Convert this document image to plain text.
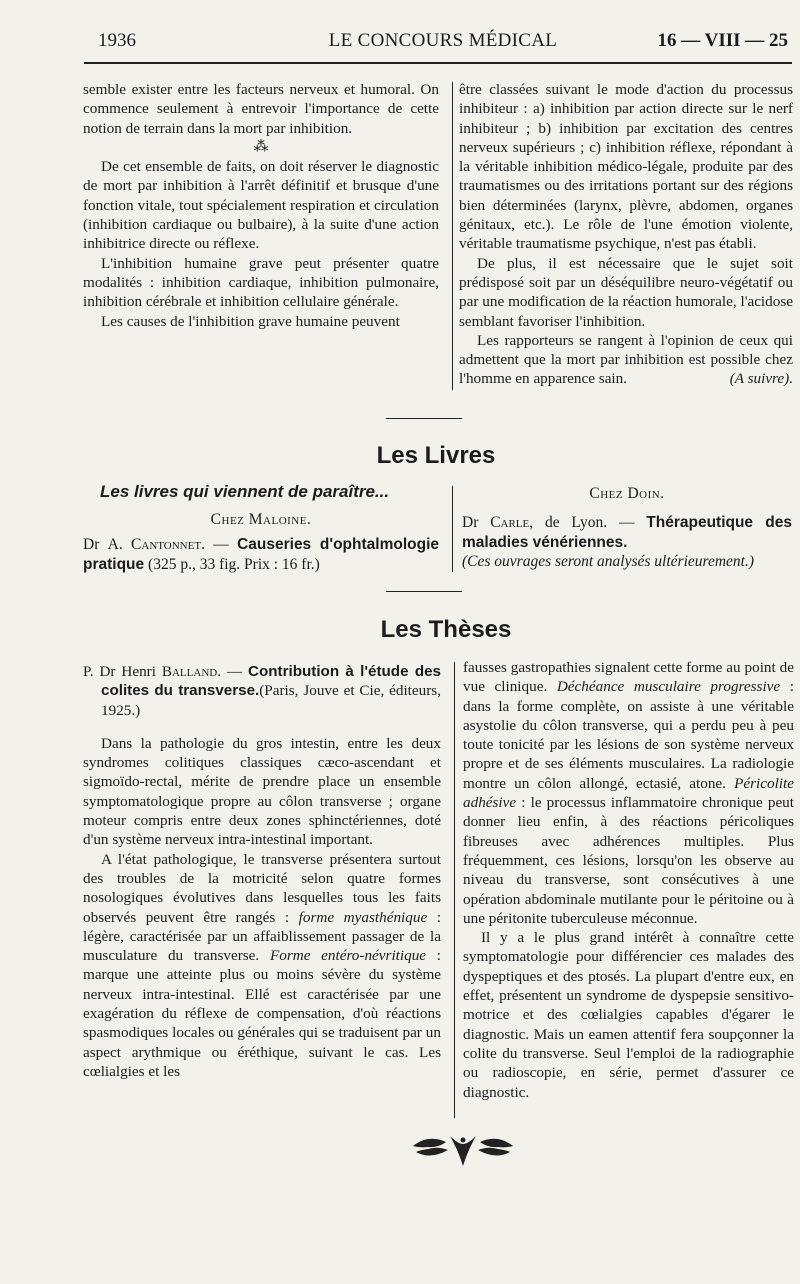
1936	LE CONCOURS MÉDICAL	16 — VIII — 25

semble exister entre les facteurs nerveux et humoral. On commence seulement à entrevoir l'importance de cette notion de terrain dans la mort par inhibition.

⁂

De cet ensemble de faits, on doit réserver le diagnostic de mort par inhibition à l'arrêt définitif et brusque d'une fonction vitale, tout spécialement respiration et circulation (inhibition cardiaque ou bulbaire), à la suite d'une action inhibitrice directe ou réflexe.

L'inhibition humaine grave peut présenter quatre modalités : inhibition cardiaque, inhibition pulmonaire, inhibition cérébrale et inhibition cellulaire générale.

Les causes de l'inhibition grave humaine peuvent

être classées suivant le mode d'action du processus inhibiteur : a) inhibition par action directe sur le nerf inhibiteur ; b) inhibition par excitation des centres nerveux supérieurs ; c) inhibition réflexe, répondant à la véritable inhibition médico-légale, produite par des traumatismes ou des irritations portant sur des régions bien déterminées (larynx, plèvre, abdomen, organes génitaux, etc.). Le rôle de l'une émotion violente, véritable traumatisme psychique, n'est pas établi.

De plus, il est nécessaire que le sujet soit prédisposé soit par un déséquilibre neuro-végétatif ou par une modification de la réaction humorale, l'acidose semblant favoriser l'inhibition.

Les rapporteurs se rangent à l'opinion de ceux qui admettent que la mort par inhibition est possible chez l'homme en apparence sain.	(A suivre).

Les Livres
Les livres qui viennent de paraître...

Chez Maloine.

Dr A. Cantonnet. — Causeries d'ophtalmologie pratique (325 p., 33 fig. Prix : 16 fr.)

Chez Doin.

Dr Carle, de Lyon. — Thérapeutique des maladies vénériennes.

(Ces ouvrages seront analysés ultérieurement.)

Les Thèses

P. Dr Henri Balland. — Contribution à l'étude des colites du transverse.(Paris, Jouve et Cie, éditeurs, 1925.)

Dans la pathologie du gros intestin, entre les deux syndromes colitiques classiques cæco-ascendant et sigmoïdo-rectal, mérite de prendre place un ensemble symptomatologique propre au côlon transverse ; organe moteur compris entre deux zones sphinctériennes, doté d'un système nerveux intra-intestinal important.

A l'état pathologique, le transverse présentera surtout des troubles de la motricité selon quatre formes nosologiques évolutives dans lesquelles tous les faits observés peuvent être rangés : forme myasthénique : légère, caractérisée par un affaiblissement passager de la musculature du transverse. Forme entéro-névritique : marque une atteinte plus ou moins sévère du système nerveux intra-intestinal. Ellé est caractérisée par une exagération du réflexe de compensation, d'où réactions spasmodiques locales ou générales qui se traduisent par un aspect arythmique ou éréthique, suivant le cas. Les cœlialgies et les

fausses gastropathies signalent cette forme au point de vue clinique. Déchéance musculaire progressive : dans la forme complète, on assiste à une véritable asystolie du côlon transverse, qui a perdu peu à peu toute tonicité par les lésions de son système nerveux propre et de ses éléments musculaires. La radiologie montre un côlon allongé, ectasié, atone. Péricolite adhésive : le processus inflammatoire chronique peut donner lieu enfin, à des réactions péricoliques fibreuses avec adhérences multiples. Plus fréquemment, ces lésions, lorsqu'on les observe au niveau du transverse, sont consécutives à une opération abdominale mutilante pour le péritoine ou à une péritonite tuberculeuse méconnue.

Il y a le plus grand intérêt à connaître cette symptomatologie pour différencier ces malades des dyspeptiques et des ptosés. La plupart d'entre eux, en effet, présentent un syndrome de dyspepsie sensitivo-motrice et des cœlialgies capables d'égarer le diagnostic. Mais un eamen attentif fera soupçonner la colite du transverse. Seul l'emploi de la radiographie ou radioscopie, en série, permet d'assurer ce diagnostic.
